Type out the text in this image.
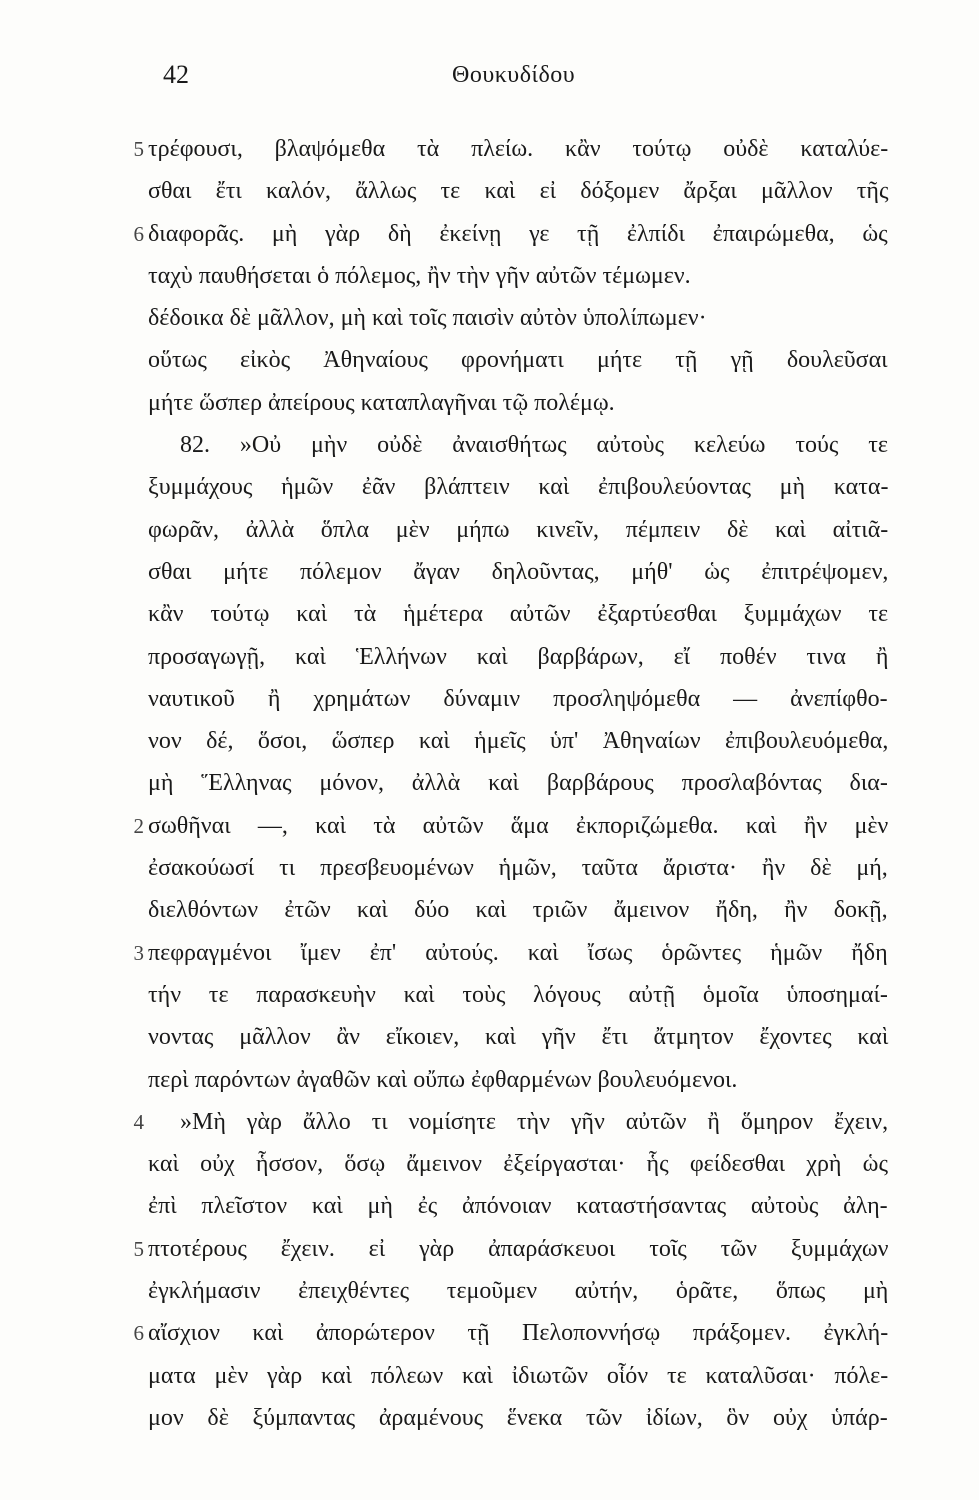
42	Θουκυδίδου
5 τρέφουσι, βλαψόμεθα τὰ πλείω. κἂν τούτῳ οὐδὲ καταλύε-
σθαι ἔτι καλόν, ἄλλως τε καὶ εἰ δόξομεν ἄρξαι μᾶλλον τῆς
6 διαφορᾶς. μὴ γὰρ δὴ ἐκείνῃ γε τῇ ἐλπίδι ἐπαιρώμεθα, ὡς
ταχὺ παυθήσεται ὁ πόλεμος, ἢν τὴν γῆν αὐτῶν τέμωμεν.
δέδοικα δὲ μᾶλλον, μὴ καὶ τοῖς παισὶν αὐτὸν ὑπολίπωμεν·
οὕτως εἰκὸς Ἀθηναίους φρονήματι μήτε τῇ γῇ δουλεῦσαι
μήτε ὥσπερ ἀπείρους καταπλαγῆναι τῷ πολέμῳ.
82. »Οὐ μὴν οὐδὲ ἀναισθήτως αὐτοὺς κελεύω τούς τε
ξυμμάχους ἡμῶν ἐᾶν βλάπτειν καὶ ἐπιβουλεύοντας μὴ κατα-
φωρᾶν, ἀλλὰ ὅπλα μὲν μήπω κινεῖν, πέμπειν δὲ καὶ αἰτιᾶ-
σθαι μήτε πόλεμον ἄγαν δηλοῦντας, μήθ' ὡς ἐπιτρέψομεν,
κἂν τούτῳ καὶ τὰ ἡμέτερα αὐτῶν ἐξαρτύεσθαι ξυμμάχων τε
προσαγωγῇ, καὶ Ἑλλήνων καὶ βαρβάρων, εἴ ποθέν τινα ἢ
ναυτικοῦ ἢ χρημάτων δύναμιν προσληψόμεθα — ἀνεπίφθο-
νον δέ, ὅσοι, ὥσπερ καὶ ἡμεῖς ὑπ' Ἀθηναίων ἐπιβουλευόμεθα,
μὴ Ἕλληνας μόνον, ἀλλὰ καὶ βαρβάρους προσλαβόντας δια-
2 σωθῆναι —, καὶ τὰ αὐτῶν ἅμα ἐκποριζώμεθα. καὶ ἢν μὲν
ἐσακούωσί τι πρεσβευομένων ἡμῶν, ταῦτα ἄριστα· ἢν δὲ μή,
διελθόντων ἐτῶν καὶ δύο καὶ τριῶν ἄμεινον ἤδη, ἢν δοκῇ,
3 πεφραγμένοι ἴμεν ἐπ' αὐτούς. καὶ ἴσως ὁρῶντες ἡμῶν ἤδη
τήν τε παρασκευὴν καὶ τοὺς λόγους αὐτῇ ὁμοῖα ὑποσημαί-
νοντας μᾶλλον ἂν εἴκοιεν, καὶ γῆν ἔτι ἄτμητον ἔχοντες καὶ
περὶ παρόντων ἀγαθῶν καὶ οὔπω ἐφθαρμένων βουλευόμενοι.
4 »Μὴ γὰρ ἄλλο τι νομίσητε τὴν γῆν αὐτῶν ἢ ὅμηρον ἔχειν,
καὶ οὐχ ἧσσον, ὅσῳ ἄμεινον ἐξείργασται· ἧς φείδεσθαι χρὴ ὡς
ἐπὶ πλεῖστον καὶ μὴ ἐς ἀπόνοιαν καταστήσαντας αὐτοὺς ἀλη-
5 πτοτέρους ἔχειν. εἰ γὰρ ἀπαράσκευοι τοῖς τῶν ξυμμάχων
ἐγκλήμασιν ἐπειχθέντες τεμοῦμεν αὐτήν, ὁρᾶτε, ὅπως μὴ
6 αἴσχιον καὶ ἀπορώτερον τῇ Πελοποννήσῳ πράξομεν. ἐγκλή-
ματα μὲν γὰρ καὶ πόλεων καὶ ἰδιωτῶν οἷόν τε καταλῦσαι· πόλε-
μον δὲ ξύμπαντας ἀραμένους ἕνεκα τῶν ἰδίων, ὃν οὐχ ὑπάρ-
